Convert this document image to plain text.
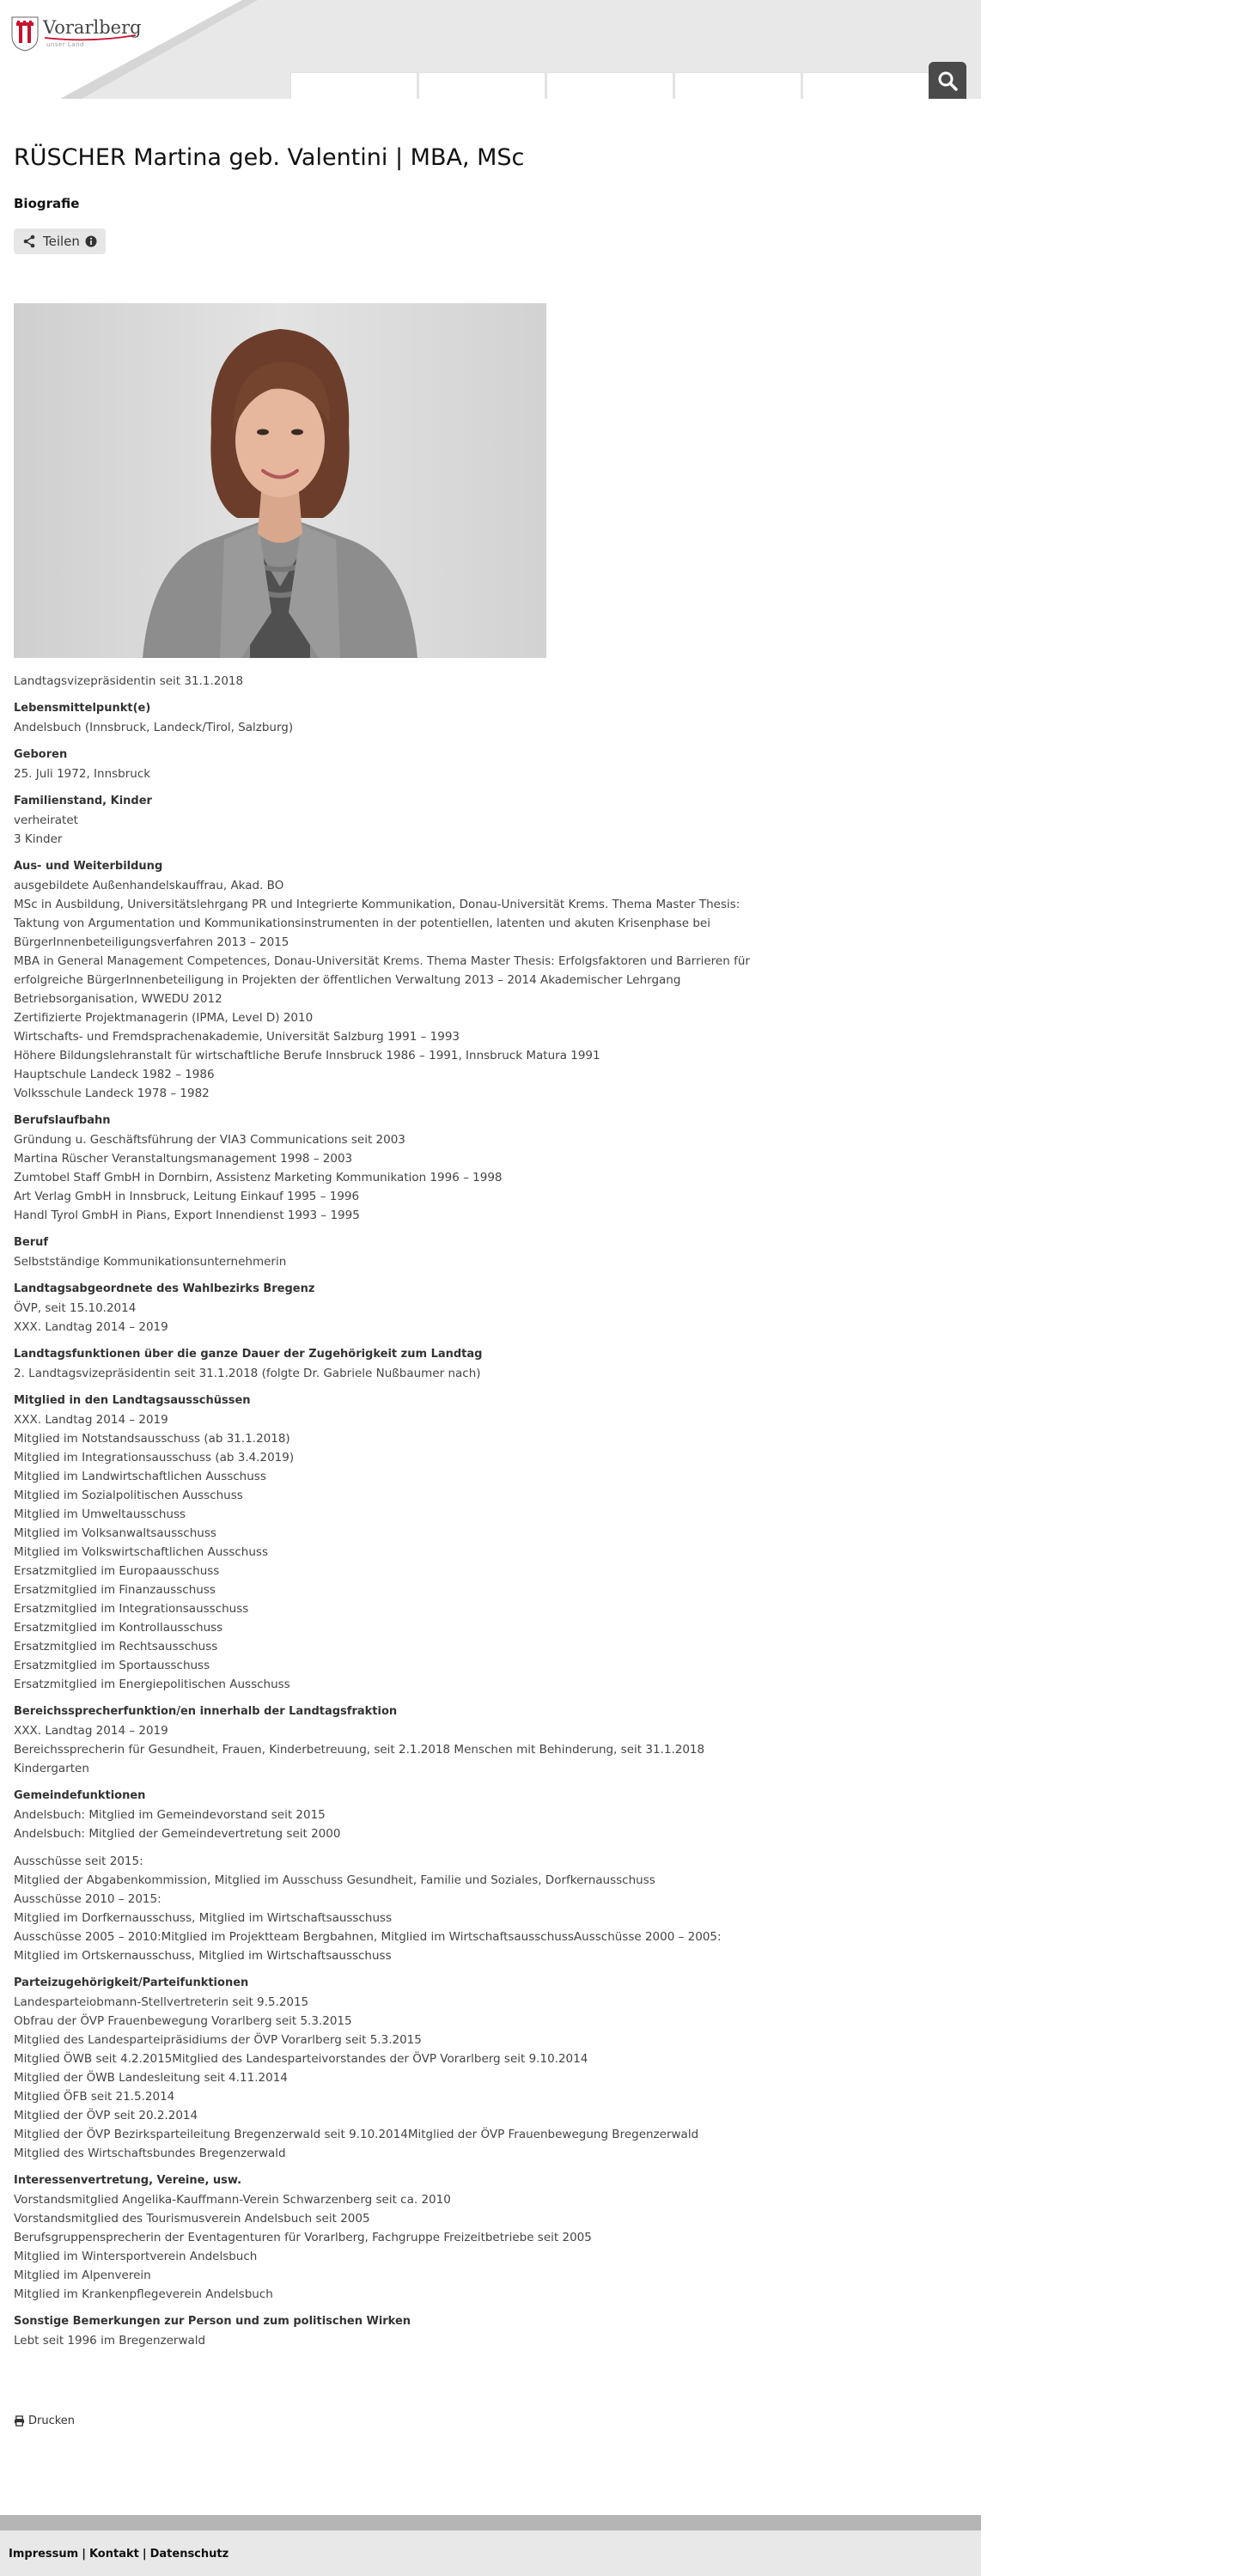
Vorarlberg
unser Land
RÜSCHER Martina geb. Valentini | MBA, MSc
Biografie
Teilen
Landtagsvizepräsidentin seit 31.1.2018
Lebensmittelpunkt(e)
Andelsbuch (Innsbruck, Landeck/Tirol, Salzburg)
Geboren
25. Juli 1972, Innsbruck
Familienstand, Kinder
verheiratet
3 Kinder
Aus- und Weiterbildung
ausgebildete Außenhandelskauffrau, Akad. BO
MSc in Ausbildung, Universitätslehrgang PR und Integrierte Kommunikation, Donau-Universität Krems. Thema Master Thesis:
Taktung von Argumentation und Kommunikationsinstrumenten in der potentiellen, latenten und akuten Krisenphase bei
BürgerInnenbeteiligungsverfahren 2013 – 2015
MBA in General Management Competences, Donau-Universität Krems. Thema Master Thesis: Erfolgsfaktoren und Barrieren für
erfolgreiche BürgerInnenbeteiligung in Projekten der öffentlichen Verwaltung 2013 – 2014 Akademischer Lehrgang
Betriebsorganisation, WWEDU 2012
Zertifizierte Projektmanagerin (IPMA, Level D) 2010
Wirtschafts- und Fremdsprachenakademie, Universität Salzburg 1991 – 1993
Höhere Bildungslehranstalt für wirtschaftliche Berufe Innsbruck 1986 – 1991, Innsbruck Matura 1991
Hauptschule Landeck 1982 – 1986
Volksschule Landeck 1978 – 1982
Berufslaufbahn
Gründung u. Geschäftsführung der VIA3 Communications seit 2003
Martina Rüscher Veranstaltungsmanagement 1998 – 2003
Zumtobel Staff GmbH in Dornbirn, Assistenz Marketing Kommunikation 1996 – 1998
Art Verlag GmbH in Innsbruck, Leitung Einkauf 1995 – 1996
Handl Tyrol GmbH in Pians, Export Innendienst 1993 – 1995
Beruf
Selbstständige Kommunikationsunternehmerin
Landtagsabgeordnete des Wahlbezirks Bregenz
ÖVP, seit 15.10.2014
XXX. Landtag 2014 – 2019
Landtagsfunktionen über die ganze Dauer der Zugehörigkeit zum Landtag
2. Landtagsvizepräsidentin seit 31.1.2018 (folgte Dr. Gabriele Nußbaumer nach)
Mitglied in den Landtagsausschüssen
XXX. Landtag 2014 – 2019
Mitglied im Notstandsausschuss (ab 31.1.2018)
Mitglied im Integrationsausschuss (ab 3.4.2019)
Mitglied im Landwirtschaftlichen Ausschuss
Mitglied im Sozialpolitischen Ausschuss
Mitglied im Umweltausschuss
Mitglied im Volksanwaltsausschuss
Mitglied im Volkswirtschaftlichen Ausschuss
Ersatzmitglied im Europaausschuss
Ersatzmitglied im Finanzausschuss
Ersatzmitglied im Integrationsausschuss
Ersatzmitglied im Kontrollausschuss
Ersatzmitglied im Rechtsausschuss
Ersatzmitglied im Sportausschuss
Ersatzmitglied im Energiepolitischen Ausschuss
Bereichssprecherfunktion/en innerhalb der Landtagsfraktion
XXX. Landtag 2014 – 2019
Bereichssprecherin für Gesundheit, Frauen, Kinderbetreuung, seit 2.1.2018 Menschen mit Behinderung, seit 31.1.2018
Kindergarten
Gemeindefunktionen
Andelsbuch: Mitglied im Gemeindevorstand seit 2015
Andelsbuch: Mitglied der Gemeindevertretung seit 2000
Ausschüsse seit 2015:
Mitglied der Abgabenkommission, Mitglied im Ausschuss Gesundheit, Familie und Soziales, Dorfkernausschuss
Ausschüsse 2010 – 2015:
Mitglied im Dorfkernausschuss, Mitglied im Wirtschaftsausschuss
Ausschüsse 2005 – 2010:Mitglied im Projektteam Bergbahnen, Mitglied im WirtschaftsausschussAusschüsse 2000 – 2005:
Mitglied im Ortskernausschuss, Mitglied im Wirtschaftsausschuss
Parteizugehörigkeit/Parteifunktionen
Landesparteiobmann-Stellvertreterin seit 9.5.2015
Obfrau der ÖVP Frauenbewegung Vorarlberg seit 5.3.2015
Mitglied des Landesparteipräsidiums der ÖVP Vorarlberg seit 5.3.2015
Mitglied ÖWB seit 4.2.2015Mitglied des Landesparteivorstandes der ÖVP Vorarlberg seit 9.10.2014
Mitglied der ÖWB Landesleitung seit 4.11.2014
Mitglied ÖFB seit 21.5.2014
Mitglied der ÖVP seit 20.2.2014
Mitglied der ÖVP Bezirksparteileitung Bregenzerwald seit 9.10.2014Mitglied der ÖVP Frauenbewegung Bregenzerwald
Mitglied des Wirtschaftsbundes Bregenzerwald
Interessenvertretung, Vereine, usw.
Vorstandsmitglied Angelika-Kauffmann-Verein Schwarzenberg seit ca. 2010
Vorstandsmitglied des Tourismusverein Andelsbuch seit 2005
Berufsgruppensprecherin der Eventagenturen für Vorarlberg, Fachgruppe Freizeitbetriebe seit 2005
Mitglied im Wintersportverein Andelsbuch
Mitglied im Alpenverein
Mitglied im Krankenpflegeverein Andelsbuch
Sonstige Bemerkungen zur Person und zum politischen Wirken
Lebt seit 1996 im Bregenzerwald
Drucken
Impressum | Kontakt | Datenschutz
